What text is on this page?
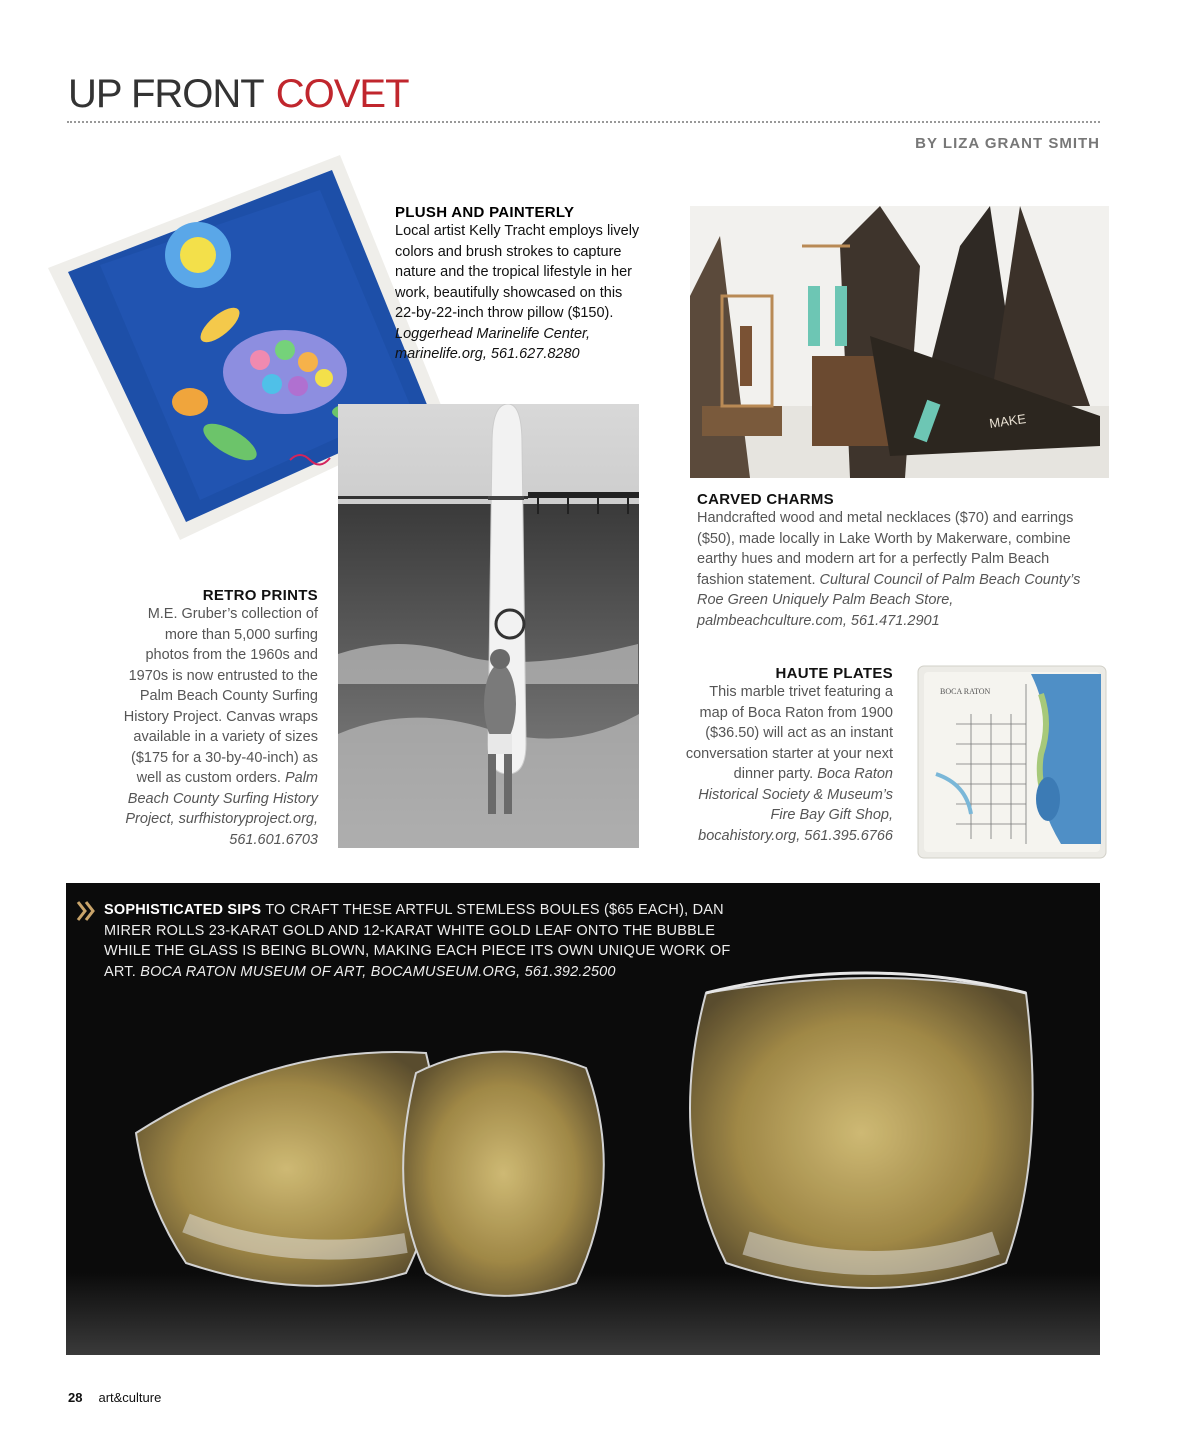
UP FRONT COVET
BY LIZA GRANT SMITH
PLUSH AND PAINTERLY
Local artist Kelly Tracht employs lively colors and brush strokes to capture nature and the tropical lifestyle in her work, beautifully showcased on this 22-by-22-inch throw pillow ($150). Loggerhead Marinelife Center, marinelife.org, 561.627.8280
RETRO PRINTS
M.E. Gruber’s collection of more than 5,000 surfing photos from the 1960s and 1970s is now entrusted to the Palm Beach County Surfing History Project. Canvas wraps available in a variety of sizes ($175 for a 30-by-40-inch) as well as custom orders. Palm Beach County Surfing History Project, surfhistoryproject.org, 561.601.6703
MAKE
CARVED CHARMS
Handcrafted wood and metal necklaces ($70) and earrings ($50), made locally in Lake Worth by Makerware, combine earthy hues and modern art for a perfectly Palm Beach fashion statement. Cultural Council of Palm Beach County’s Roe Green Uniquely Palm Beach Store, palmbeachculture.com, 561.471.2901
HAUTE PLATES
This marble trivet featuring a map of Boca Raton from 1900 ($36.50) will act as an instant conversation starter at your next dinner party. Boca Raton Historical Society & Museum’s Fire Bay Gift Shop, bocahistory.org, 561.395.6766
BOCA RATON
SOPHISTICATED SIPS TO CRAFT THESE ARTFUL STEMLESS BOULES ($65 EACH), DAN MIRER ROLLS 23-KARAT GOLD AND 12-KARAT WHITE GOLD LEAF ONTO THE BUBBLE WHILE THE GLASS IS BEING BLOWN, MAKING EACH PIECE ITS OWN UNIQUE WORK OF ART. BOCA RATON MUSEUM OF ART, BOCAMUSEUM.ORG, 561.392.2500
28 art&culture
